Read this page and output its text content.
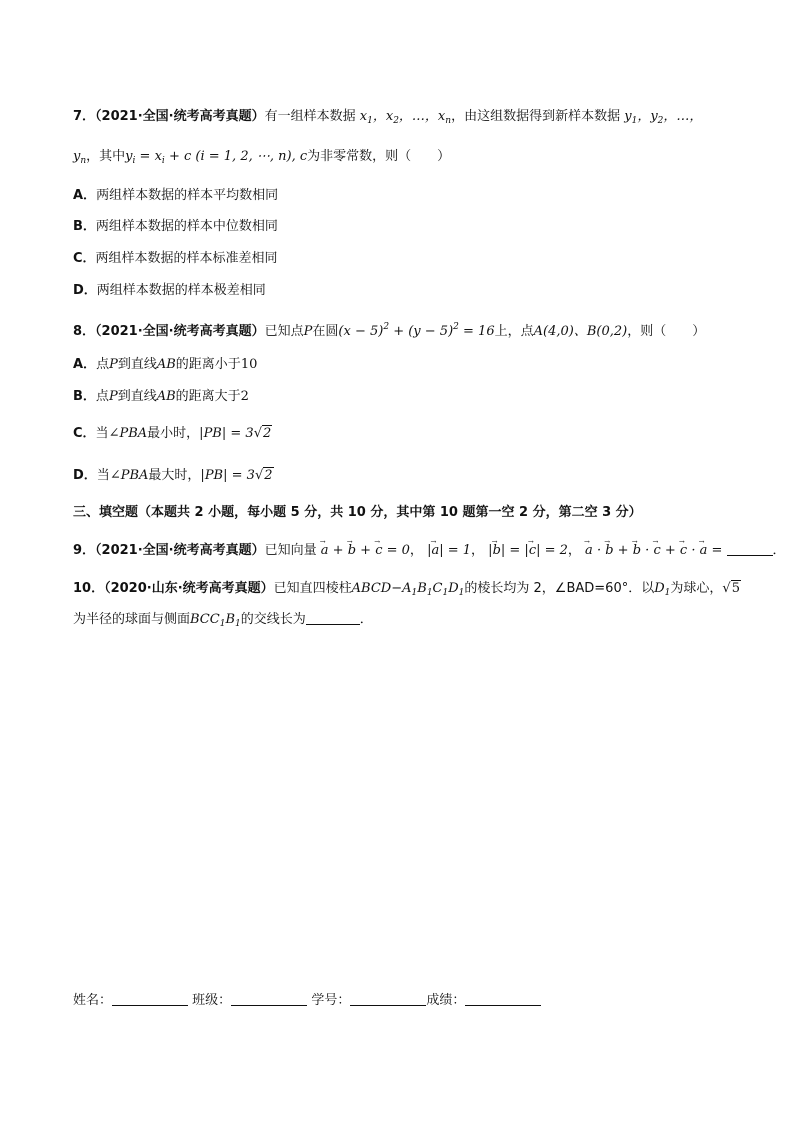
7．（2021·全国·统考高考真题）有一组样本数据 $x_1$，$x_2$，…，$x_n$，由这组数据得到新样本数据 $y_1$，$y_2$，…，
$y_n$，其中$y_i = x_i + c$ (i = 1, 2, ⋯, n), c为非零常数，则（　　）
A．两组样本数据的样本平均数相同
B．两组样本数据的样本中位数相同
C．两组样本数据的样本标准差相同
D．两组样本数据的样本极差相同
8．（2021·全国·统考高考真题）已知点P在圆$(x - 5)^2 + (y - 5)^2 = 16$上，点A(4,0)、B(0,2)，则（　　）
A．点P到直线AB的距离小于10
B．点P到直线AB的距离大于2
C．当∠PBA最小时，|PB| = 3√2
D．当∠PBA最大时，|PB| = 3√2
三、填空题（本题共 2 小题，每小题 5 分，共 10 分，其中第 10 题第一空 2 分，第二空 3 分）
9．（2021·全国·统考高考真题）已知向量 → a + → b + → c = 0， |→ a| = 1， |→ b| = |→ c| = 2， → a · → b + → b · → c + → c · → a =	．
10．（2020·山东·统考高考真题）已知直四棱柱$ABCD-A_1B_1C_1D_1$的棱长均为 2，∠BAD=60°．以$D_1$为球心，√5
为半径的球面与侧面$BCC_1B_1$的交线长为	．
姓名：	班级：	学号：	成绩：
